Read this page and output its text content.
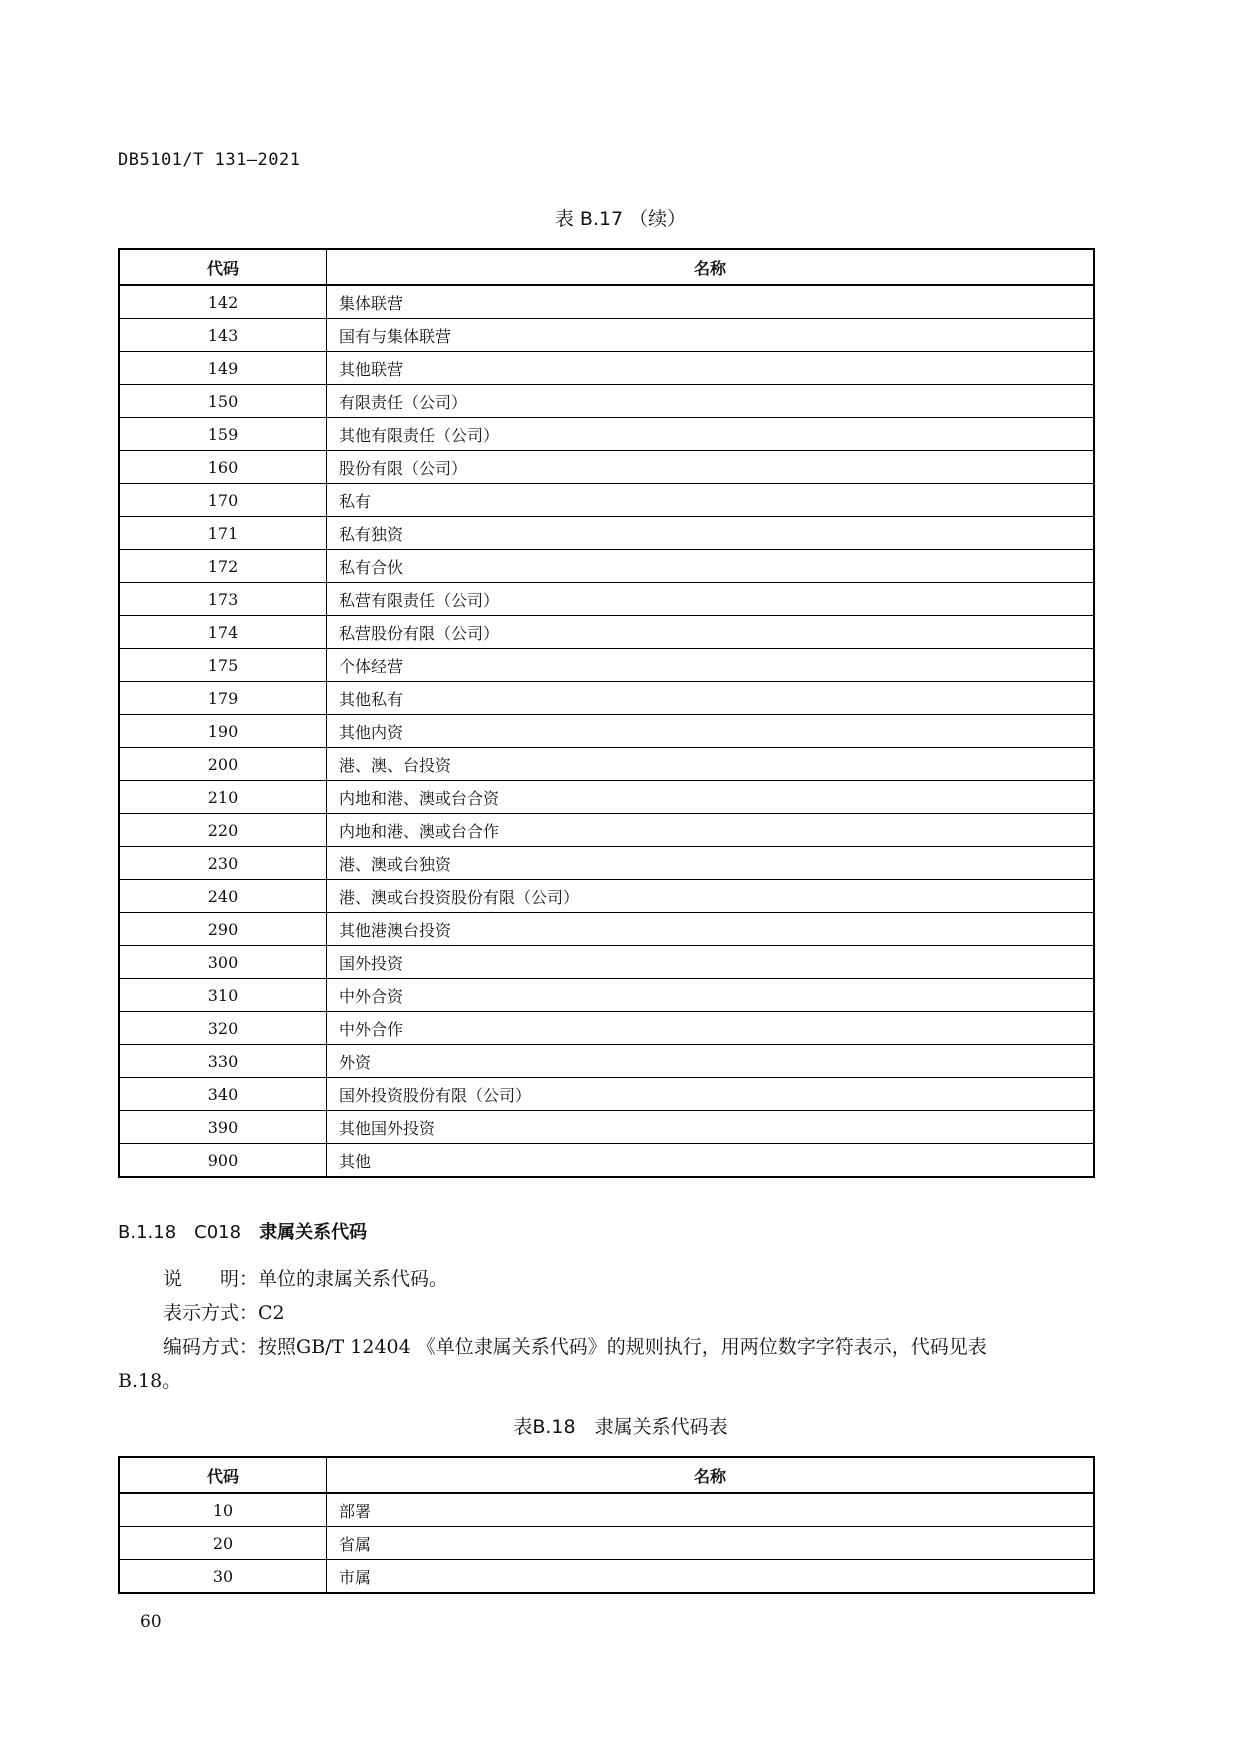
DB5101/T 131—2021
表 B.17 （续）
代码	名称
142	集体联营
143	国有与集体联营
149	其他联营
150	有限责任（公司）
159	其他有限责任（公司）
160	股份有限（公司）
170	私有
171	私有独资
172	私有合伙
173	私营有限责任（公司）
174	私营股份有限（公司）
175	个体经营
179	其他私有
190	其他内资
200	港、澳、台投资
210	内地和港、澳或台合资
220	内地和港、澳或台合作
230	港、澳或台独资
240	港、澳或台投资股份有限（公司）
290	其他港澳台投资
300	国外投资
310	中外合资
320	中外合作
330	外资
340	国外投资股份有限（公司）
390	其他国外投资
900	其他
B.1.18 C018 隶属关系代码
说　　明：单位的隶属关系代码。
表示方式：C2
编码方式：按照GB/T 12404 《单位隶属关系代码》的规则执行，用两位数字字符表示，代码见表
B.18。
表B.18　隶属关系代码表
代码	名称
10	部署
20	省属
30	市属
60
